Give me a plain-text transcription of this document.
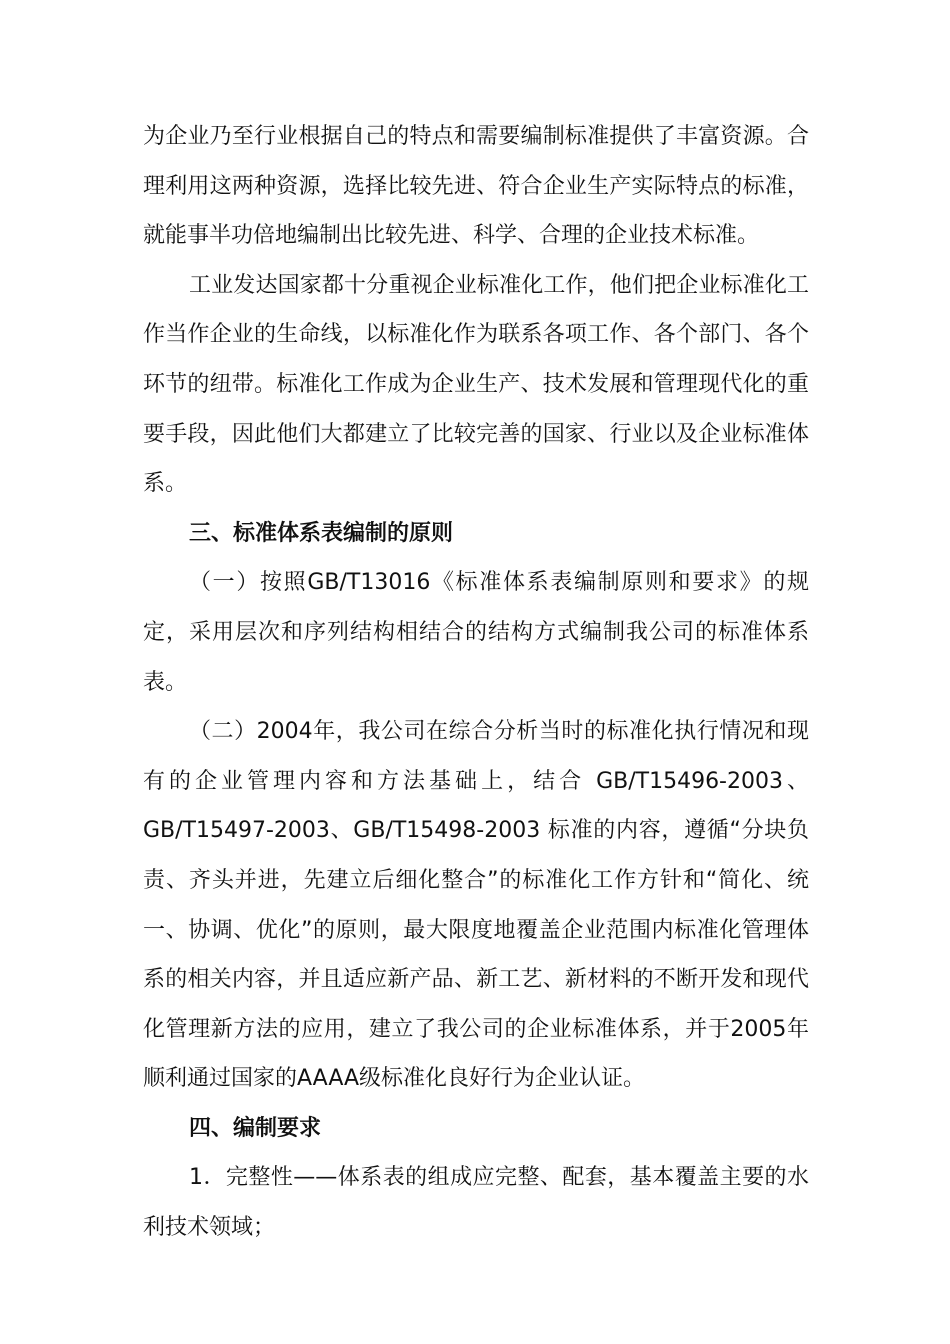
为企业乃至行业根据自己的特点和需要编制标准提供了丰富资源。合理利用这两种资源，选择比较先进、符合企业生产实际特点的标准，就能事半功倍地编制出比较先进、科学、合理的企业技术标准。

工业发达国家都十分重视企业标准化工作，他们把企业标准化工作当作企业的生命线，以标准化作为联系各项工作、各个部门、各个环节的纽带。标准化工作成为企业生产、技术发展和管理现代化的重要手段，因此他们大都建立了比较完善的国家、行业以及企业标准体系。

三、标准体系表编制的原则

（一）按照GB/T13016《标准体系表编制原则和要求》的规定，采用层次和序列结构相结合的结构方式编制我公司的标准体系表。

（二）2004年，我公司在综合分析当时的标准化执行情况和现有的企业管理内容和方法基础上，结合 GB/T15496-2003、GB/T15497-2003、GB/T15498-2003 标准的内容，遵循“分块负责、齐头并进，先建立后细化整合”的标准化工作方针和“简化、统一、协调、优化”的原则，最大限度地覆盖企业范围内标准化管理体系的相关内容，并且适应新产品、新工艺、新材料的不断开发和现代化管理新方法的应用，建立了我公司的企业标准体系，并于2005年顺利通过国家的AAAA级标准化良好行为企业认证。

四、编制要求

1．完整性——体系表的组成应完整、配套，基本覆盖主要的水利技术领域；
